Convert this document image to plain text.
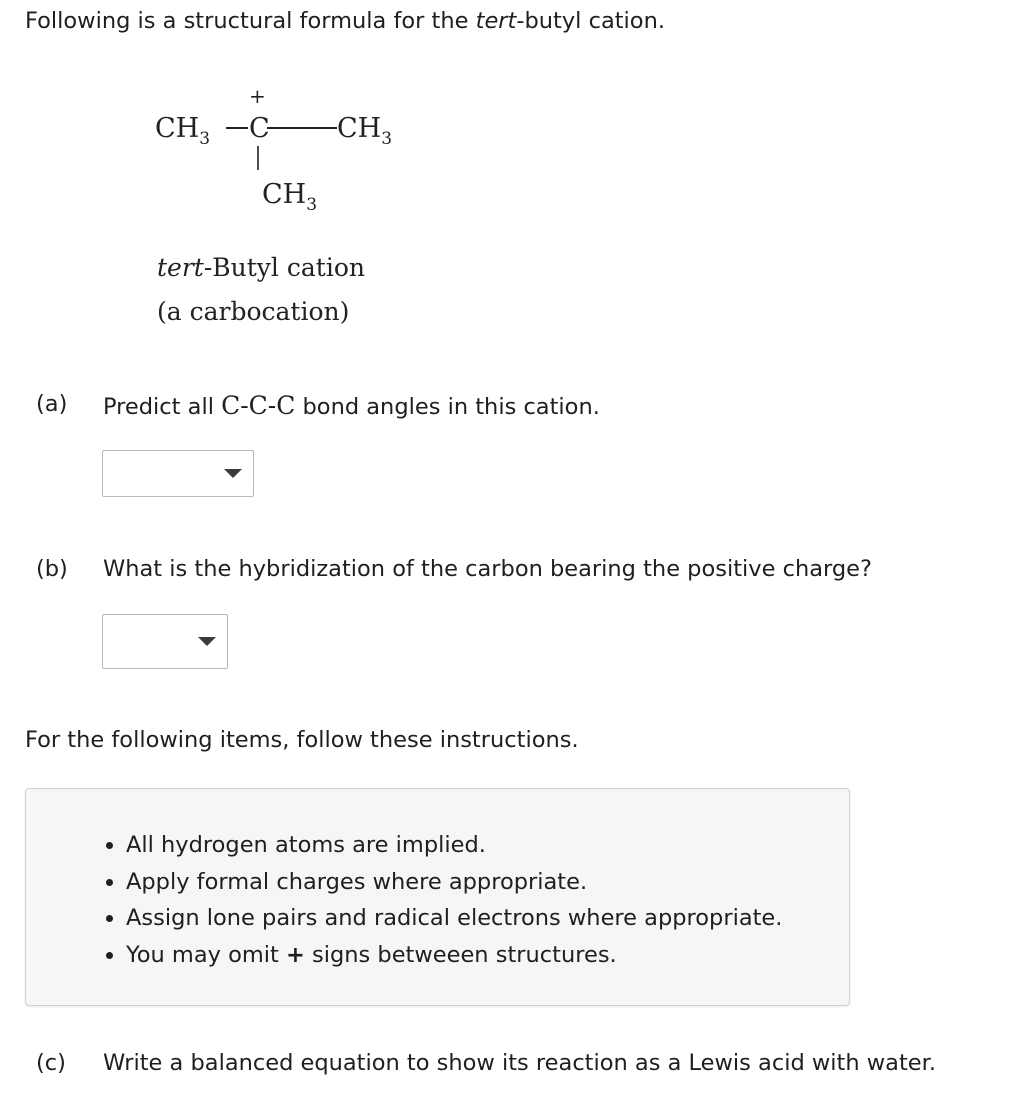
Following is a structural formula for the tert-butyl cation.
$CH_3$ C $CH_3$
$CH_3$
+
tert-Butyl cation
(a carbocation)
(a) Predict all C-C-C bond angles in this cation.
(b) What is the hybridization of the carbon bearing the positive charge?
For the following items, follow these instructions.
• All hydrogen atoms are implied.
• Apply formal charges where appropriate.
• Assign lone pairs and radical electrons where appropriate.
• You may omit + signs betweeen structures.
(c) Write a balanced equation to show its reaction as a Lewis acid with water.
